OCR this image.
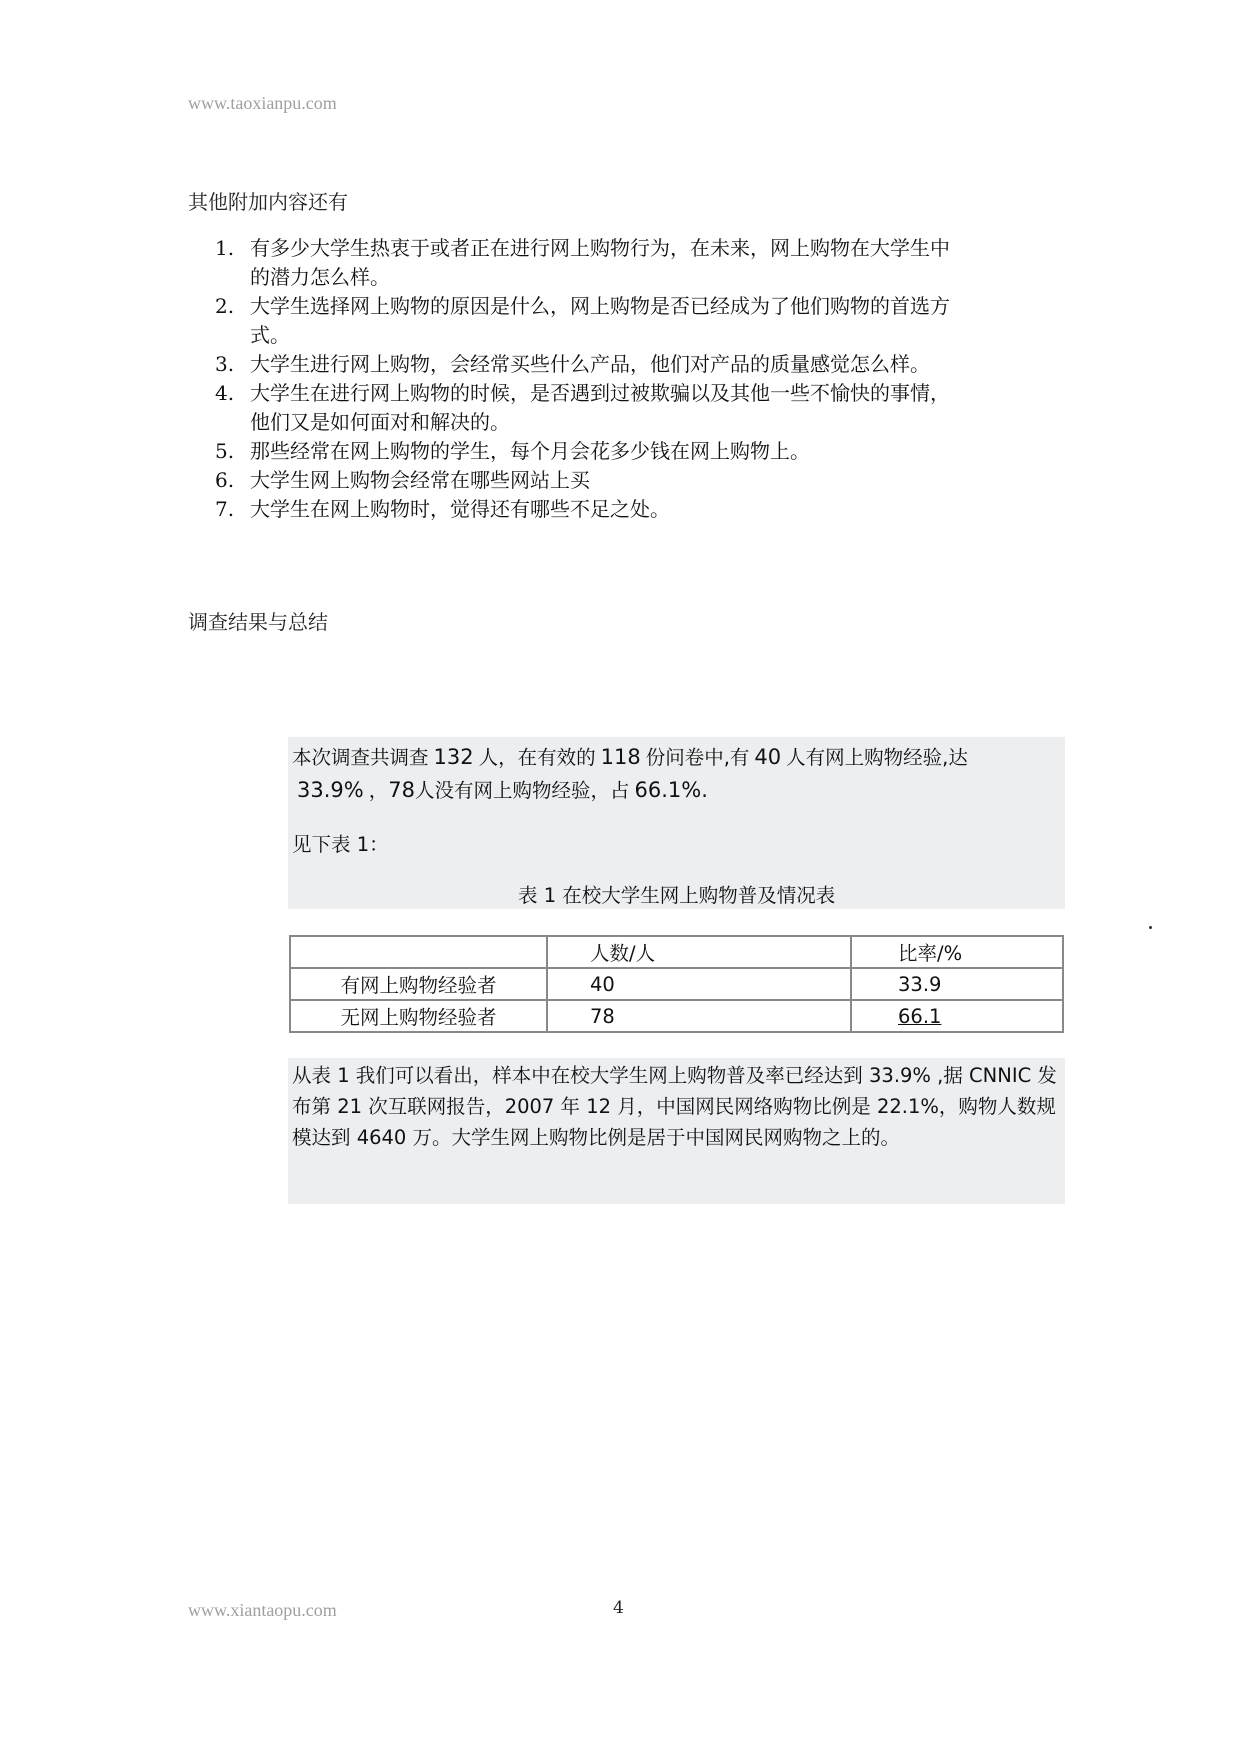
www.taoxianpu.com
其他附加内容还有
1. 有多少大学生热衷于或者正在进行网上购物行为，在未来，网上购物在大学生中的潜力怎么样。
2. 大学生选择网上购物的原因是什么，网上购物是否已经成为了他们购物的首选方式。
3. 大学生进行网上购物，会经常买些什么产品，他们对产品的质量感觉怎么样。
4. 大学生在进行网上购物的时候，是否遇到过被欺骗以及其他一些不愉快的事情，他们又是如何面对和解决的。
5. 那些经常在网上购物的学生，每个月会花多少钱在网上购物上。
6. 大学生网上购物会经常在哪些网站上买
7. 大学生在网上购物时，觉得还有哪些不足之处。
调查结果与总结

本次调查共调查 132 人，在有效的 118 份问卷中,有 40 人有网上购物经验,达33.9% ，78人没有网上购物经验，占 66.1%.

见下表 1：

表 1 在校大学生网上购物普及情况表

	人数/人	比率/%
有网上购物经验者	40	33.9
无网上购物经验者	78	66.1

从表 1 我们可以看出，样本中在校大学生网上购物普及率已经达到 33.9% ,据 CNNIC 发布第 21 次互联网报告，2007 年 12 月，中国网民网络购物比例是 22.1%，购物人数规模达到 4640 万。大学生网上购物比例是居于中国网民网购物之上的。

www.xiantaopu.com	4
